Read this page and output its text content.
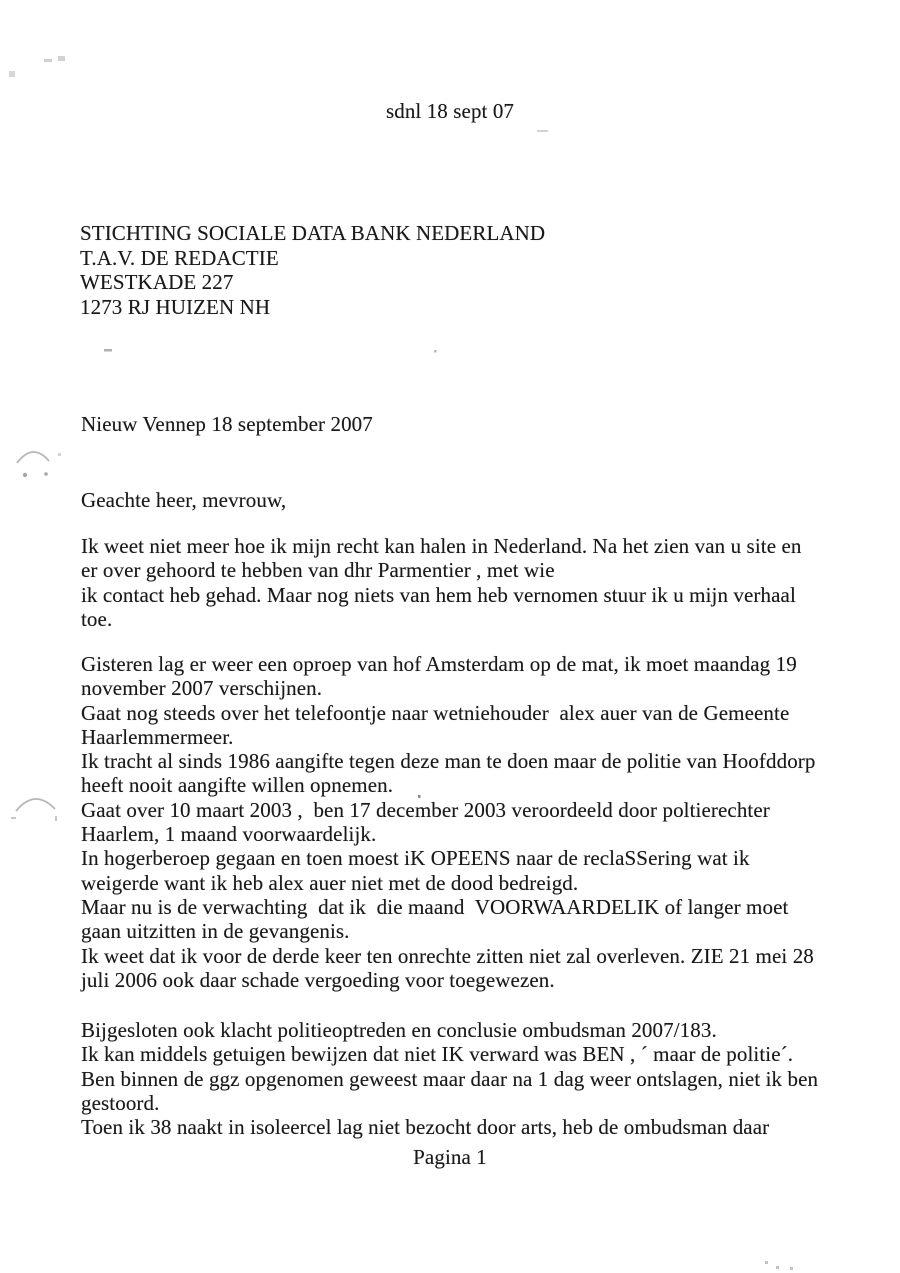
sdnl 18 sept 07
STICHTING SOCIALE DATA BANK NEDERLAND
T.A.V. DE REDACTIE
WESTKADE 227
1273 RJ HUIZEN NH
Nieuw Vennep 18 september 2007
Geachte heer, mevrouw,
Ik weet niet meer hoe ik mijn recht kan halen in Nederland. Na het zien van u site en
er over gehoord te hebben van dhr Parmentier , met wie
ik contact heb gehad. Maar nog niets van hem heb vernomen stuur ik u mijn verhaal
toe.
Gisteren lag er weer een oproep van hof Amsterdam op de mat, ik moet maandag 19
november 2007 verschijnen.
Gaat nog steeds over het telefoontje naar wetniehouder  alex auer van de Gemeente
Haarlemmermeer.
Ik tracht al sinds 1986 aangifte tegen deze man te doen maar de politie van Hoofddorp
heeft nooit aangifte willen opnemen.
Gaat over 10 maart 2003 ,  ben 17 december 2003 veroordeeld door poltierechter
Haarlem, 1 maand voorwaardelijk.
In hogerberoep gegaan en toen moest iK OPEENS naar de reclaSSering wat ik
weigerde want ik heb alex auer niet met de dood bedreigd.
Maar nu is de verwachting  dat ik  die maand  VOORWAARDELIK of langer moet
gaan uitzitten in de gevangenis.
Ik weet dat ik voor de derde keer ten onrechte zitten niet zal overleven. ZIE 21 mei 28
juli 2006 ook daar schade vergoeding voor toegewezen.
Bijgesloten ook klacht politieoptreden en conclusie ombudsman 2007/183.
Ik kan middels getuigen bewijzen dat niet IK verward was BEN , ´ maar de politie´.
Ben binnen de ggz opgenomen geweest maar daar na 1 dag weer ontslagen, niet ik ben
gestoord.
Toen ik 38 naakt in isoleercel lag niet bezocht door arts, heb de ombudsman daar
Pagina 1
